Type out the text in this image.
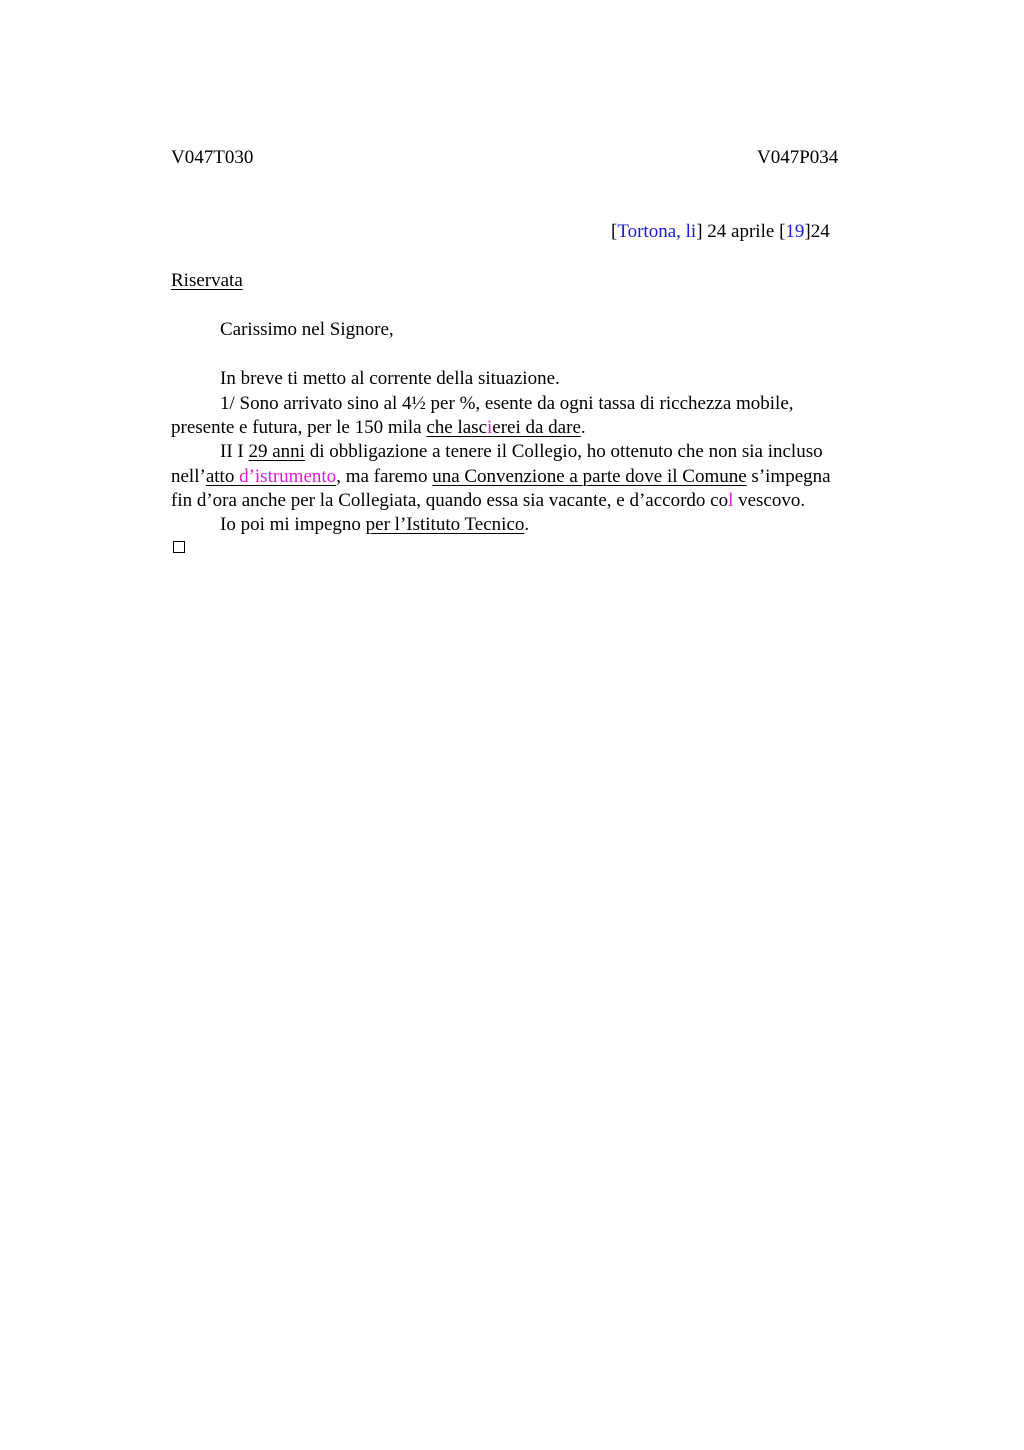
V047T030	V047P034
[Tortona, li] 24 aprile [19]24
Riservata
Carissimo nel Signore,
In breve ti metto al corrente della situazione.
1/ Sono arrivato sino al 4½ per %, esente da ogni tassa di ricchezza mobile,
presente e futura, per le 150 mila che lascierei da dare.
II I 29 anni di obbligazione a tenere il Collegio, ho ottenuto che non sia incluso
nell’atto d’istrumento, ma faremo una Convenzione a parte dove il Comune s’impegna
fin d’ora anche per la Collegiata, quando essa sia vacante, e d’accordo col vescovo.
Io poi mi impegno per l’Istituto Tecnico.
